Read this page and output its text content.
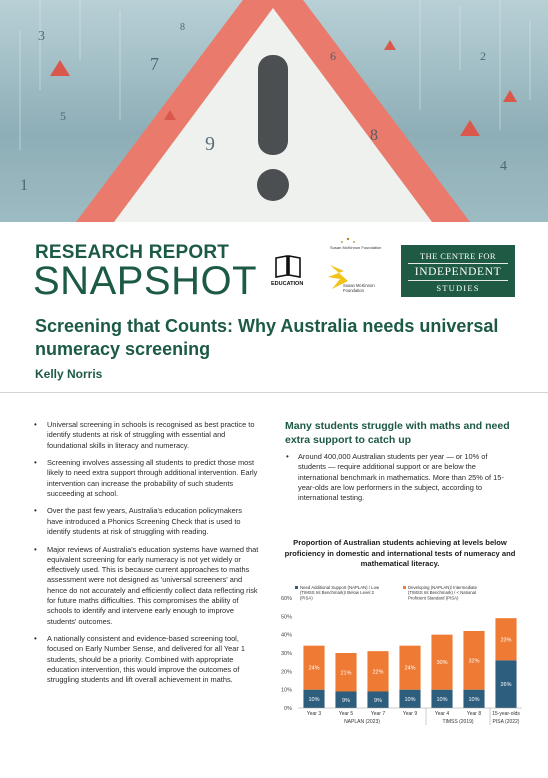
3
7
9
5
6
8
2
4
1
8
RESEARCH REPORT
SNAPSHOT	EDUCATION
Susan McKinnon Foundation
Susan McKinnon Foundation
THE CENTRE FOR
INDEPENDENT
STUDIES
Screening that Counts: Why Australia needs universal numeracy screening
Kelly Norris
• Universal screening in schools is recognised as best practice to identify students at risk of struggling with essential and foundational skills in literacy and numeracy.
• Screening involves assessing all students to predict those most likely to need extra support through additional intervention. Early intervention can increase the probability of such students succeeding at school.
• Over the past few years, Australia's education policymakers have introduced a Phonics Screening Check that is used to identify students at risk of struggling with reading.
• Major reviews of Australia's education systems have warned that equivalent screening for early numeracy is not yet widely or effectively used. This is because current approaches to maths assessment were not designed as 'universal screeners' and hence do not accurately and efficiently collect data reflecting risk for future maths difficulties. This compromises the ability of schools to identify and intervene early enough to improve students' outcomes.
• A nationally consistent and evidence-based screening tool, focused on Early Number Sense, and delivered for all Year 1 students, should be a priority. Combined with appropriate education intervention, this would improve the outcomes of struggling students and lift overall achievement in maths.
Many students struggle with maths and need extra support to catch up
• Around 400,000 Australian students per year — or 10% of students — require additional support or are below the international benchmark in mathematics. More than 25% of 15-year-olds are low performers in the subject, according to international testing.
Proportion of Australian students achieving at levels below proficiency in domestic and international tests of numeracy and mathematical literacy.
0%
10%
20%
30%
40%
50%
60%
Need Additional Support (NAPLAN) / Low
(TIMSS Int Benchmark)/ Below Level 2
(PISA)
Developing (NAPLAN)/ Intermediate
(TIMSS Int Benchmark) / < National
Proficient Standard (PISA)
10%
24%
Year 3
9%
21%
Year 5
9%
22%
Year 7
10%
24%
Year 9
10%
30%
Year 4
10%
32%
Year 8
26%
23%
15-year-olds
NAPLAN (2023)	TIMSS (2019)	PISA (2022)
